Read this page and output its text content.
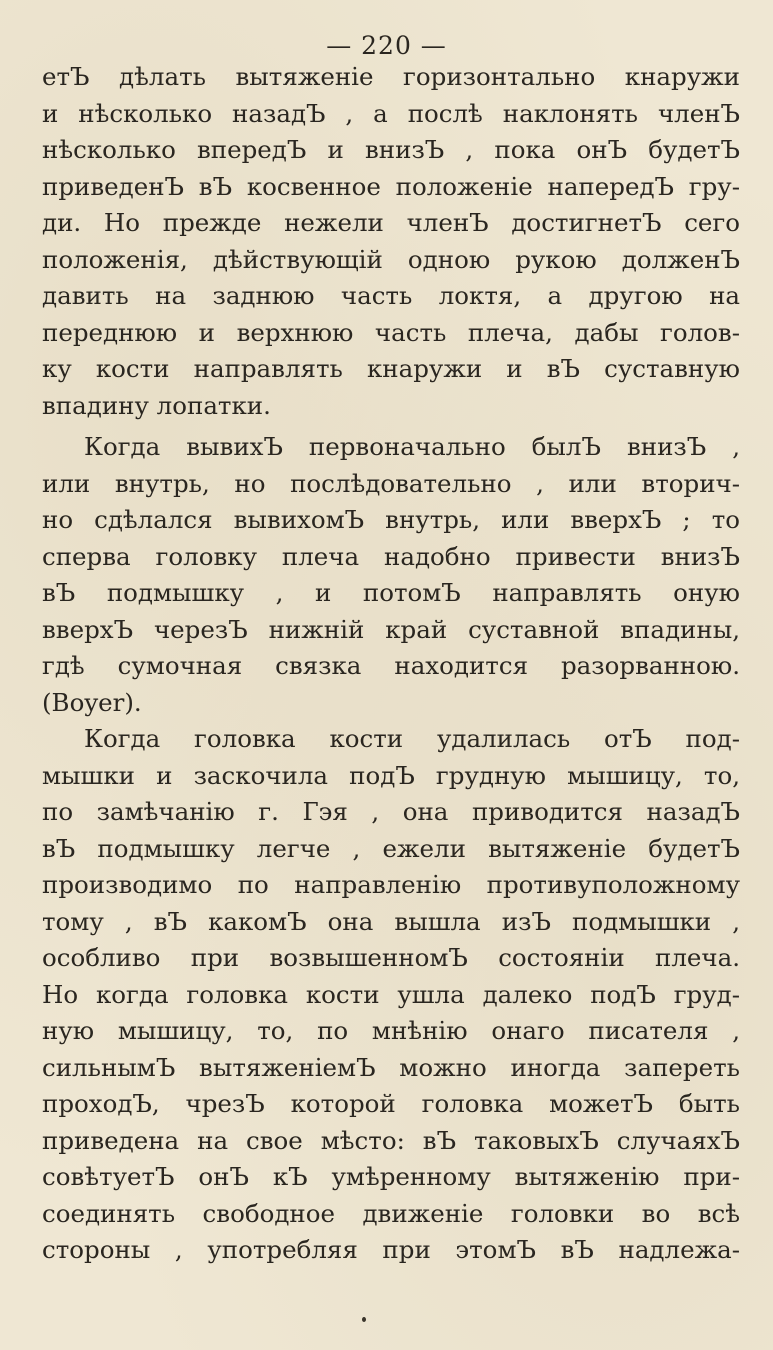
— 220 —
етЪ дѣлать вытяженіе горизонтально кнаружи
и нѣсколько назадЪ , а послѣ наклонять членЪ
нѣсколько впередЪ и внизЪ , пока онЪ будетЪ
приведенЪ вЪ косвенное положеніе напередЪ гру-
ди. Но прежде нежели членЪ достигнетЪ сего
положенія, дѣйствующій одною рукою долженЪ
давить на заднюю часть локтя, а другою на
переднюю и верхнюю часть плеча, дабы голов-
ку кости направлять кнаружи и вЪ суставную
впадину лопатки.
Когда вывихЪ первоначально былЪ внизЪ ,
или внутрь, но послѣдовательно , или вторич-
но сдѣлался вывихомЪ внутрь, или вверхЪ ; то
сперва головку плеча надобно привести внизЪ
вЪ подмышку , и потомЪ направлять оную
вверхЪ черезЪ нижній край суставной впадины,
гдѣ сумочная связка находится разорванною.
(Boyer).
Когда головка кости удалилась отЪ под-
мышки и заскочила подЪ грудную мышицу, то,
по замѣчанію г. Гэя , она приводится назадЪ
вЪ подмышку легче , ежели вытяженіе будетЪ
производимо по направленію противуположному
тому , вЪ какомЪ она вышла изЪ подмышки ,
особливо при возвышенномЪ состояніи плеча.
Но когда головка кости ушла далеко подЪ груд-
ную мышицу, то, по мнѣнію онаго писателя ,
сильнымЪ вытяженіемЪ можно иногда запереть
проходЪ, чрезЪ которой головка можетЪ быть
приведена на свое мѣсто: вЪ таковыхЪ случаяхЪ
совѣтуетЪ онЪ кЪ умѣренному вытяженію при-
соединять свободное движеніе головки во всѣ
стороны , употребляя при этомЪ вЪ надлежа-
